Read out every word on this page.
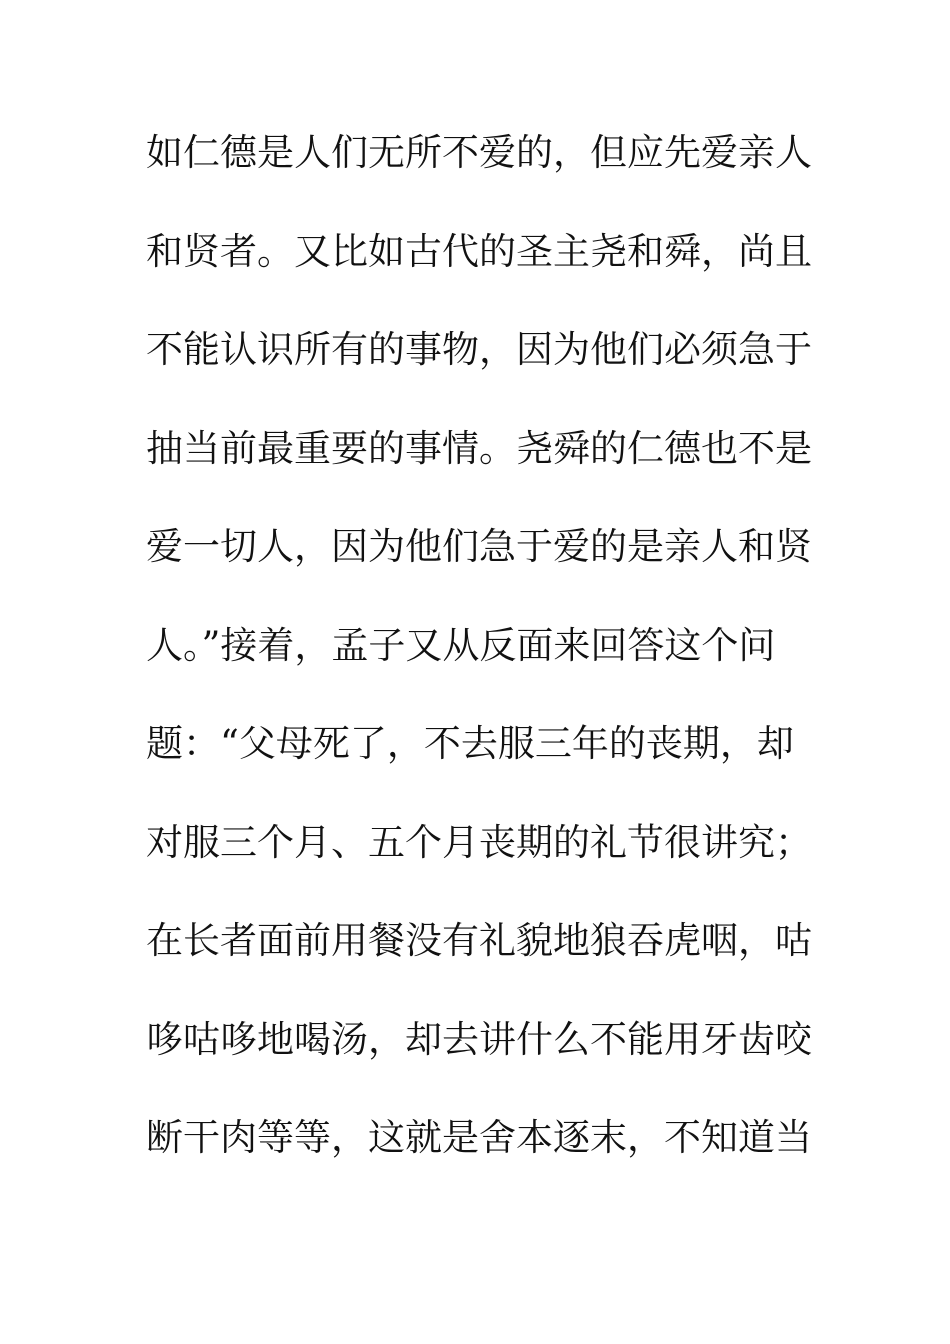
如仁德是人们无所不爱的，但应先爱亲人
和贤者。又比如古代的圣主尧和舜，尚且
不能认识所有的事物，因为他们必须急于
抽当前最重要的事情。尧舜的仁德也不是
爱一切人，因为他们急于爱的是亲人和贤
人。”接着，孟子又从反面来回答这个问
题：“父母死了，不去服三年的丧期，却
对服三个月、五个月丧期的礼节很讲究；
在长者面前用餐没有礼貌地狼吞虎咽，咕
哆咕哆地喝汤，却去讲什么不能用牙齿咬
断干肉等等，这就是舍本逐末，不知道当
